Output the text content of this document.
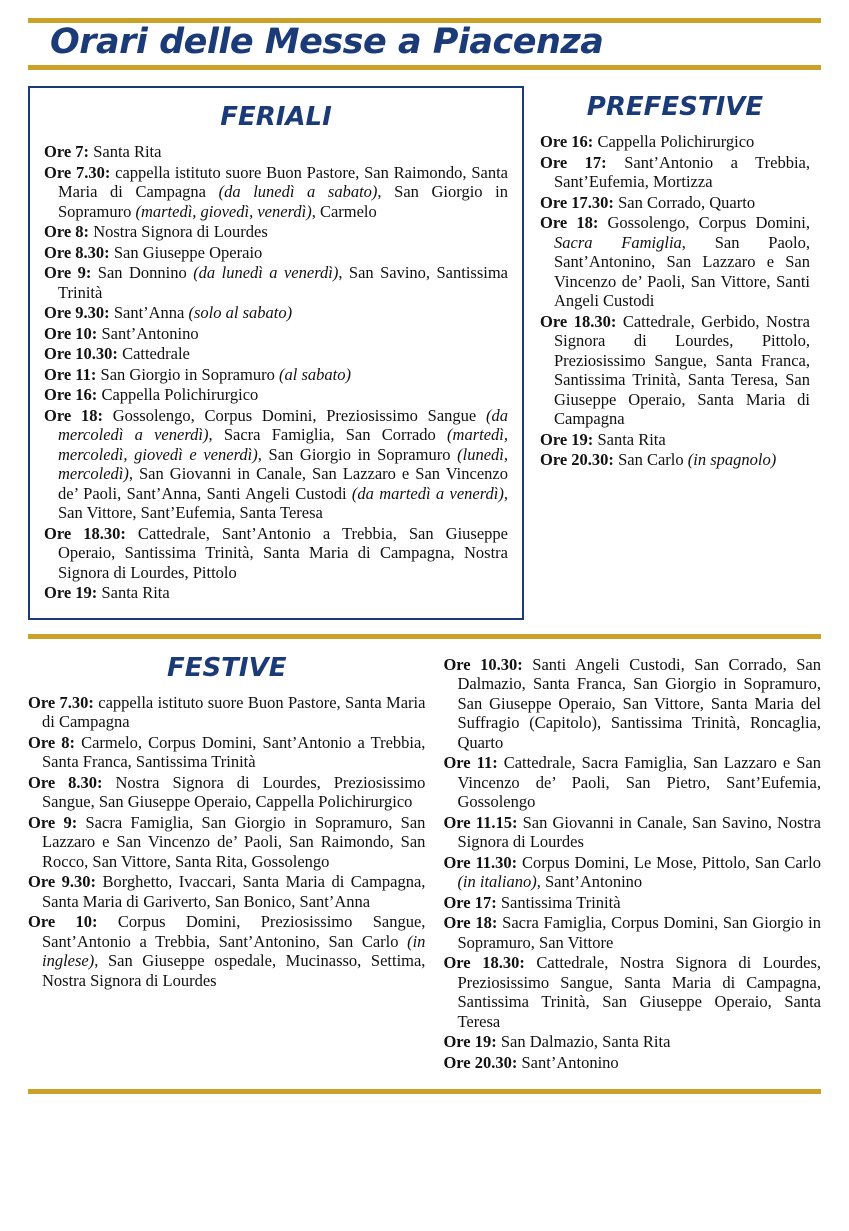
Orari delle Messe a Piacenza
FERIALI
Ore 7: Santa Rita
Ore 7.30: cappella istituto suore Buon Pastore, San Raimondo, Santa Maria di Campagna (da lunedì a sabato), San Giorgio in Sopramuro (martedì, giovedì, venerdì), Carmelo
Ore 8: Nostra Signora di Lourdes
Ore 8.30: San Giuseppe Operaio
Ore 9: San Donnino (da lunedì a venerdì), San Savino, Santissima Trinità
Ore 9.30: Sant’Anna (solo al sabato)
Ore 10: Sant’Antonino
Ore 10.30: Cattedrale
Ore 11: San Giorgio in Sopramuro (al sabato)
Ore 16: Cappella Polichirurgico
Ore 18: Gossolengo, Corpus Domini, Preziosissimo Sangue (da mercoledì a venerdì), Sacra Famiglia, San Corrado (martedì, mercoledì, giovedì e venerdì), San Giorgio in Sopramuro (lunedì, mercoledì), San Giovanni in Canale, San Lazzaro e San Vincenzo de’ Paoli, Sant’Anna, Santi Angeli Custodi (da martedì a venerdì), San Vittore, Sant’Eufemia, Santa Teresa
Ore 18.30: Cattedrale, Sant’Antonio a Trebbia, San Giuseppe Operaio, Santissima Trinità, Santa Maria di Campagna, Nostra Signora di Lourdes, Pittolo
Ore 19: Santa Rita
PREFESTIVE
Ore 16: Cappella Polichirurgico
Ore 17: Sant’Antonio a Trebbia, Sant’Eufemia, Mortizza
Ore 17.30: San Corrado, Quarto
Ore 18: Gossolengo, Corpus Domini, Sacra Famiglia, San Paolo, Sant’Antonino, San Lazzaro e San Vincenzo de’ Paoli, San Vittore, Santi Angeli Custodi
Ore 18.30: Cattedrale, Gerbido, Nostra Signora di Lourdes, Pittolo, Preziosissimo Sangue, Santa Franca, Santissima Trinità, Santa Teresa, San Giuseppe Operaio, Santa Maria di Campagna
Ore 19: Santa Rita
Ore 20.30: San Carlo (in spagnolo)
FESTIVE
Ore 7.30: cappella istituto suore Buon Pastore, Santa Maria di Campagna
Ore 8: Carmelo, Corpus Domini, Sant’Antonio a Trebbia, Santa Franca, Santissima Trinità
Ore 8.30: Nostra Signora di Lourdes, Preziosissimo Sangue, San Giuseppe Operaio, Cappella Polichirurgico
Ore 9: Sacra Famiglia, San Giorgio in Sopramuro, San Lazzaro e San Vincenzo de’ Paoli, San Raimondo, San Rocco, San Vittore, Santa Rita, Gossolengo
Ore 9.30: Borghetto, Ivaccari, Santa Maria di Campagna, Santa Maria di Gariverto, San Bonico, Sant’Anna
Ore 10: Corpus Domini, Preziosissimo Sangue, Sant’Antonio a Trebbia, Sant’Antonino, San Carlo (in inglese), San Giuseppe ospedale, Mucinasso, Settima, Nostra Signora di Lourdes
Ore 10.30: Santi Angeli Custodi, San Corrado, San Dalmazio, Santa Franca, San Giorgio in Sopramuro, San Giuseppe Operaio, San Vittore, Santa Maria del Suffragio (Capitolo), Santissima Trinità, Roncaglia, Quarto
Ore 11: Cattedrale, Sacra Famiglia, San Lazzaro e San Vincenzo de’ Paoli, San Pietro, Sant’Eufemia, Gossolengo
Ore 11.15: San Giovanni in Canale, San Savino, Nostra Signora di Lourdes
Ore 11.30: Corpus Domini, Le Mose, Pittolo, San Carlo (in italiano), Sant’Antonino
Ore 17: Santissima Trinità
Ore 18: Sacra Famiglia, Corpus Domini, San Giorgio in Sopramuro, San Vittore
Ore 18.30: Cattedrale, Nostra Signora di Lourdes, Preziosissimo Sangue, Santa Maria di Campagna, Santissima Trinità, San Giuseppe Operaio, Santa Teresa
Ore 19: San Dalmazio, Santa Rita
Ore 20.30: Sant’Antonino
